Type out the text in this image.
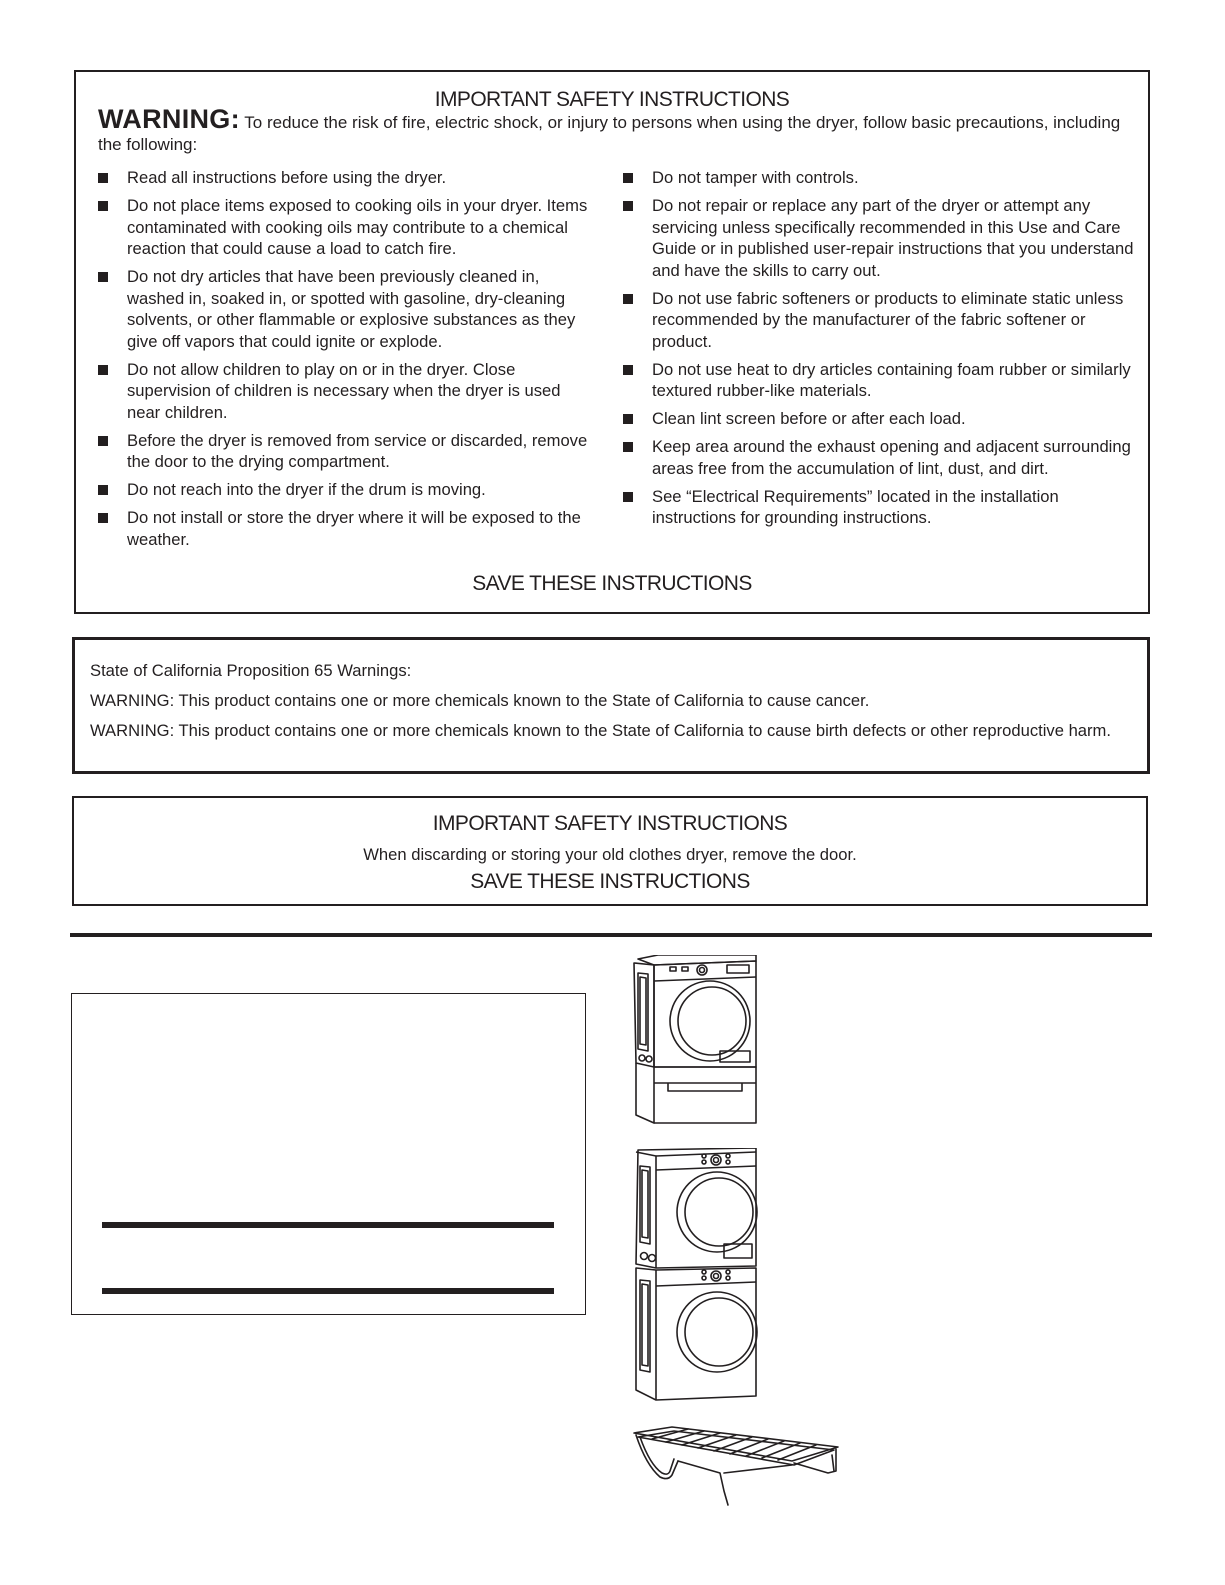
IMPORTANT SAFETY INSTRUCTIONS
WARNING: To reduce the risk of fire, electric shock, or injury to persons when using the dryer, follow basic precautions, including the following:
Read all instructions before using the dryer.
Do not place items exposed to cooking oils in your dryer. Items contaminated with cooking oils may contribute to a chemical reaction that could cause a load to catch fire.
Do not dry articles that have been previously cleaned in, washed in, soaked in, or spotted with gasoline, dry-cleaning solvents, or other flammable or explosive substances as they give off vapors that could ignite or explode.
Do not allow children to play on or in the dryer. Close supervision of children is necessary when the dryer is used near children.
Before the dryer is removed from service or discarded, remove the door to the drying compartment.
Do not reach into the dryer if the drum is moving.
Do not install or store the dryer where it will be exposed to the weather.
Do not tamper with controls.
Do not repair or replace any part of the dryer or attempt any servicing unless specifically recommended in this Use and Care Guide or in published user-repair instructions that you understand and have the skills to carry out.
Do not use fabric softeners or products to eliminate static unless recommended by the manufacturer of the fabric softener or product.
Do not use heat to dry articles containing foam rubber or similarly textured rubber-like materials.
Clean lint screen before or after each load.
Keep area around the exhaust opening and adjacent surrounding areas free from the accumulation of lint, dust, and dirt.
See “Electrical Requirements” located in the installation instructions for grounding instructions.
SAVE THESE INSTRUCTIONS
State of California Proposition 65 Warnings:
WARNING: This product contains one or more chemicals known to the State of California to cause cancer.
WARNING: This product contains one or more chemicals known to the State of California to cause birth defects or other reproductive harm.
IMPORTANT SAFETY INSTRUCTIONS
When discarding or storing your old clothes dryer, remove the door.
SAVE THESE INSTRUCTIONS
